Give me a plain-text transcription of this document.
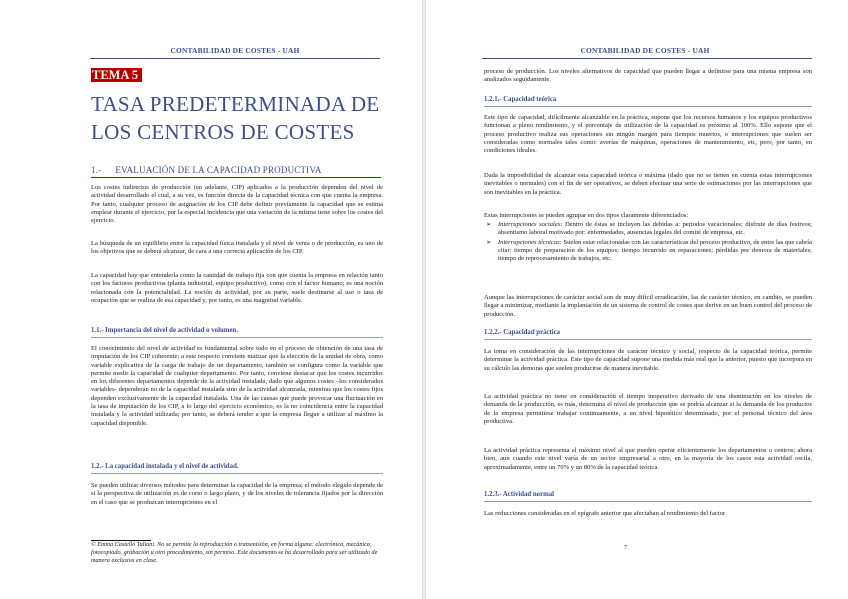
CONTABILIDAD DE COSTES - UAH
TEMA 5
TASA PREDETERMINADA DE
LOS CENTROS DE COSTES
1.- EVALUACIÓN DE LA CAPACIDAD PRODUCTIVA

Los costes indirectos de producción (en adelante, CIP) aplicados a la producción dependen del nivel de actividad desarrollado el cual, a su vez, es función directa de la capacidad técnica con que cuenta la empresa. Por tanto, cualquier proceso de asignación de los CIP debe definir previamente la capacidad que se estima emplear durante el ejercicio, por la especial incidencia que una variación de la misma tiene sobre los costes del ejercicio.

La búsqueda de un equilibrio entre la capacidad física instalada y el nivel de venta o de producción, es uno de los objetivos que se deberá alcanzar, de cara a una correcta aplicación de los CIP.

La capacidad hay que entenderla como la cantidad de trabajo fija con que cuenta la empresa en relación tanto con los factores productivos (planta industrial, equipo productivo), como con el factor humano; es una noción relacionada con la potencialidad. La noción de actividad, por su parte, suele destinarse al uso o tasa de ocupación que se realiza de esa capacidad y, por tanto, es una magnitud variable.

1.1.- Importancia del nivel de actividad o volumen.

El conocimiento del nivel de actividad es fundamental sobre todo en el proceso de obtención de una tasa de imputación de los CIP coherente; a este respecto conviene matizar que la elección de la unidad de obra, como variable explicativa de la carga de trabajo de un departamento, también se configura como la variable que permite medir la capacidad de cualquier departamento. Por tanto, conviene destacar que los costes incurridos en los diferentes departamentos depende de la actividad instalada, dado que algunos costes –los considerados variables- dependerán no de la capacidad instalada sino de la actividad alcanzada, mientras que los costes fijos dependen exclusivamente de la capacidad instalada. Una de las causas que puede provocar una fluctuación en la tasa de imputación de los CIP, a lo largo del ejercicio económico, es la no coincidencia entre la capacidad instalada y la actividad utilizada; por tanto, se deberá tender a que la empresa llegue a utilizar al máximo la capacidad disponible.

1.2.- La capacidad instalada y el nivel de actividad.

Se pueden utilizar diversos métodos para determinar la capacidad de la empresa; el método elegido depende de si la perspectiva de utilización es de corto o largo plazo, y de los niveles de tolerancia fijados por la dirección en el caso que se produzcan interrupciones en el

© Emma Castelló Taliani. No se permite la reproducción o transmisión, en forma alguna: electrónica, mecánica, fotocopiado, grabación u otro procedimiento, sin permiso. Este documento se ha desarrollado para ser utilizado de manera exclusiva en clase.
CONTABILIDAD DE COSTES - UAH

proceso de producción. Los niveles alternativos de capacidad que pueden llegar a definirse para una misma empresa son analizados seguidamente.

1.2.1.- Capacidad teórica

Este tipo de capacidad, difícilmente alcanzable en la práctica, supone que los recursos humanos y los equipos productivos funcionan a pleno rendimiento, y el porcentaje de utilización de la capacidad es próximo al 100%. Ello supone que el proceso productivo realiza sus operaciones sin ningún margen para tiempos muertos, o interrupciones que suelen ser consideradas como normales tales como: averías de máquinas, operaciones de mantenimiento, etc, pero, por tanto, en condiciones ideales.

Dada la imposibilidad de alcanzar esta capacidad teórica o máxima (dado que no se tienen en cuenta estas interrupciones inevitables o normales) con el fin de ser operativos, se deben efectuar una serie de estimaciones por las interrupciones que son inevitables en la práctica.

Estas interrupciones se pueden agrupar en dos tipos claramente diferenciados:

➢ Interrupciones sociales: Dentro de éstas se incluyen las debidas a: periodos vacacionales; disfrute de días festivos; absentismo laboral motivado por: enfermedades, ausencias legales del comité de empresa, etc.
➢ Interrupciones técnicas: Suelen estar relacionadas con las características del proceso productivo, de entre las que cabría citar: tiempo de preparación de los equipos; tiempo incurrido en reparaciones; pérdidas por demora de materiales; tiempo de reprocesamiento de trabajos, etc.

Aunque las interrupciones de carácter social son de muy difícil erradicación, las de carácter técnico, en cambio, se pueden llegar a minimizar, mediante la implantación de un sistema de control de costes que derive en un buen control del proceso de producción.

1.2.2.- Capacidad práctica

La toma en consideración de las interrupciones de carácter técnico y social, respecto de la capacidad teórica, permite determinar la actividad práctica. Este tipo de capacidad supone una medida más real que la anterior, puesto que incorpora en su cálculo las demoras que suelen producirse de manera inevitable.

La actividad práctica no tiene en consideración el tiempo inoperativo derivado de una disminución en los niveles de demanda de la producción, es más, determina el nivel de producción que se podría alcanzar si la demanda de los productos de la empresa permitiese trabajar continuamente, a un nivel hipotético determinado, por el personal técnico del área productiva.

La actividad práctica representa el máximo nivel al que pueden operar eficientemente los departamentos o centros; ahora bien, aun cuando este nivel varía de un sector empresarial a otro, en la mayoría de los casos esta actividad oscila, aproximadamente, entre un 70% y un 80% de la capacidad teórica.

1.2.3.- Actividad normal

Las reducciones consideradas en el epígrafe anterior que afectaban al rendimiento del factor

7
